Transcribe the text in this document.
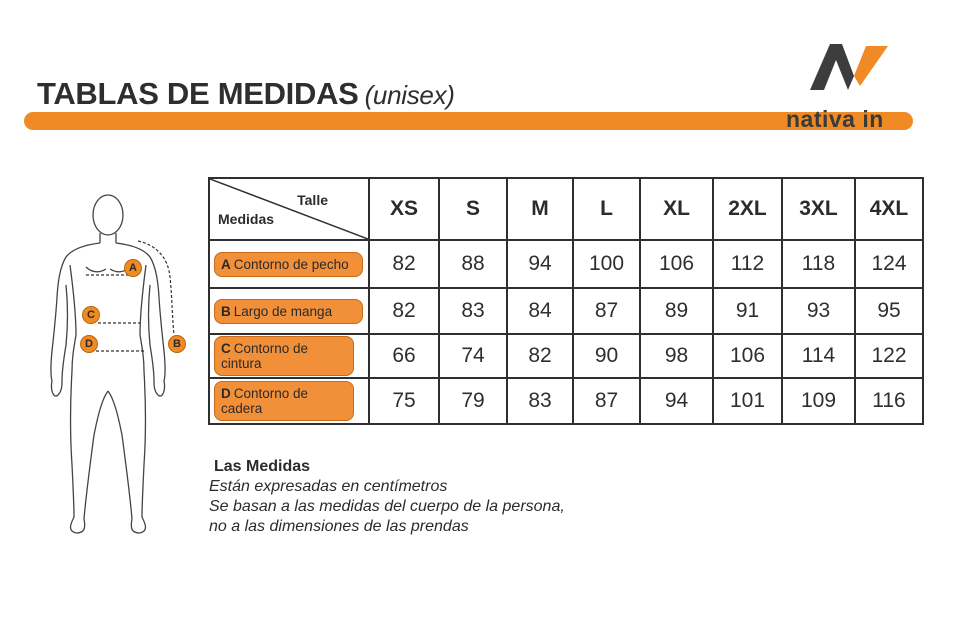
TABLAS DE MEDIDAS (unisex)
nativa in
A
B
C
D
Talle
Medidas	XS	S	M	L	XL	2XL	3XL	4XL

A Contorno de pecho	82	88	94	100	106	112	118	124

B Largo de manga	82	83	84	87	89	91	93	95

C Contorno de cintura	66	74	82	90	98	106	114	122

D Contorno de cadera	75	79	83	87	94	101	109	116
Las Medidas
Están expresadas en centímetros
Se basan a las medidas del cuerpo de la persona,
no a las dimensiones de las prendas
